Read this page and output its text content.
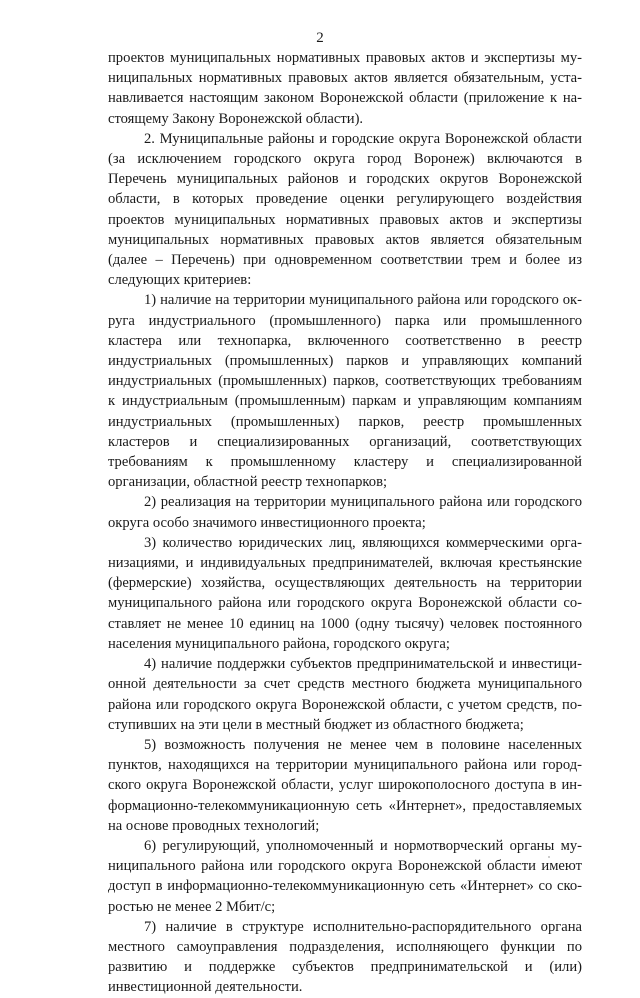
2

проектов муниципальных нормативных правовых актов и экспертизы муниципальных нормативных правовых актов является обязательным, устанавливается настоящим законом Воронежской области (приложение к настоящему Закону Воронежской области).

2. Муниципальные районы и городские округа Воронежской области (за исключением городского округа город Воронеж) включаются в Перечень муниципальных районов и городских округов Воронежской области, в которых проведение оценки регулирующего воздействия проектов муниципальных нормативных правовых актов и экспертизы муниципальных нормативных правовых актов является обязательным (далее – Перечень) при одновременном соответствии трем и более из следующих критериев:

1) наличие на территории муниципального района или городского округа индустриального (промышленного) парка или промышленного кластера или технопарка, включенного соответственно в реестр индустриальных (промышленных) парков и управляющих компаний индустриальных (промышленных) парков, соответствующих требованиям к индустриальным (промышленным) паркам и управляющим компаниям индустриальных (промышленных) парков, реестр промышленных кластеров и специализированных организаций, соответствующих требованиям к промышленному кластеру и специализированной организации, областной реестр технопарков;

2) реализация на территории муниципального района или городского округа особо значимого инвестиционного проекта;

3) количество юридических лиц, являющихся коммерческими организациями, и индивидуальных предпринимателей, включая крестьянские (фермерские) хозяйства, осуществляющих деятельность на территории муниципального района или городского округа Воронежской области составляет не менее 10 единиц на 1000 (одну тысячу) человек постоянного населения муниципального района, городского округа;

4) наличие поддержки субъектов предпринимательской и инвестиционной деятельности за счет средств местного бюджета муниципального района или городского округа Воронежской области, с учетом средств, поступивших на эти цели в местный бюджет из областного бюджета;

5) возможность получения не менее чем в половине населенных пунктов, находящихся на территории муниципального района или городского округа Воронежской области, услуг широкополосного доступа в информационно-телекоммуникационную сеть «Интернет», предоставляемых на основе проводных технологий;

6) регулирующий, уполномоченный и нормотворческий органы муниципального района или городского округа Воронежской области имеют доступ в информационно-телекоммуникационную сеть «Интернет» со скоростью не менее 2 Мбит/с;

7) наличие в структуре исполнительно-распорядительного органа местного самоуправления подразделения, исполняющего функции по развитию и поддержке субъектов предпринимательской и (или) инвестиционной деятельности.
